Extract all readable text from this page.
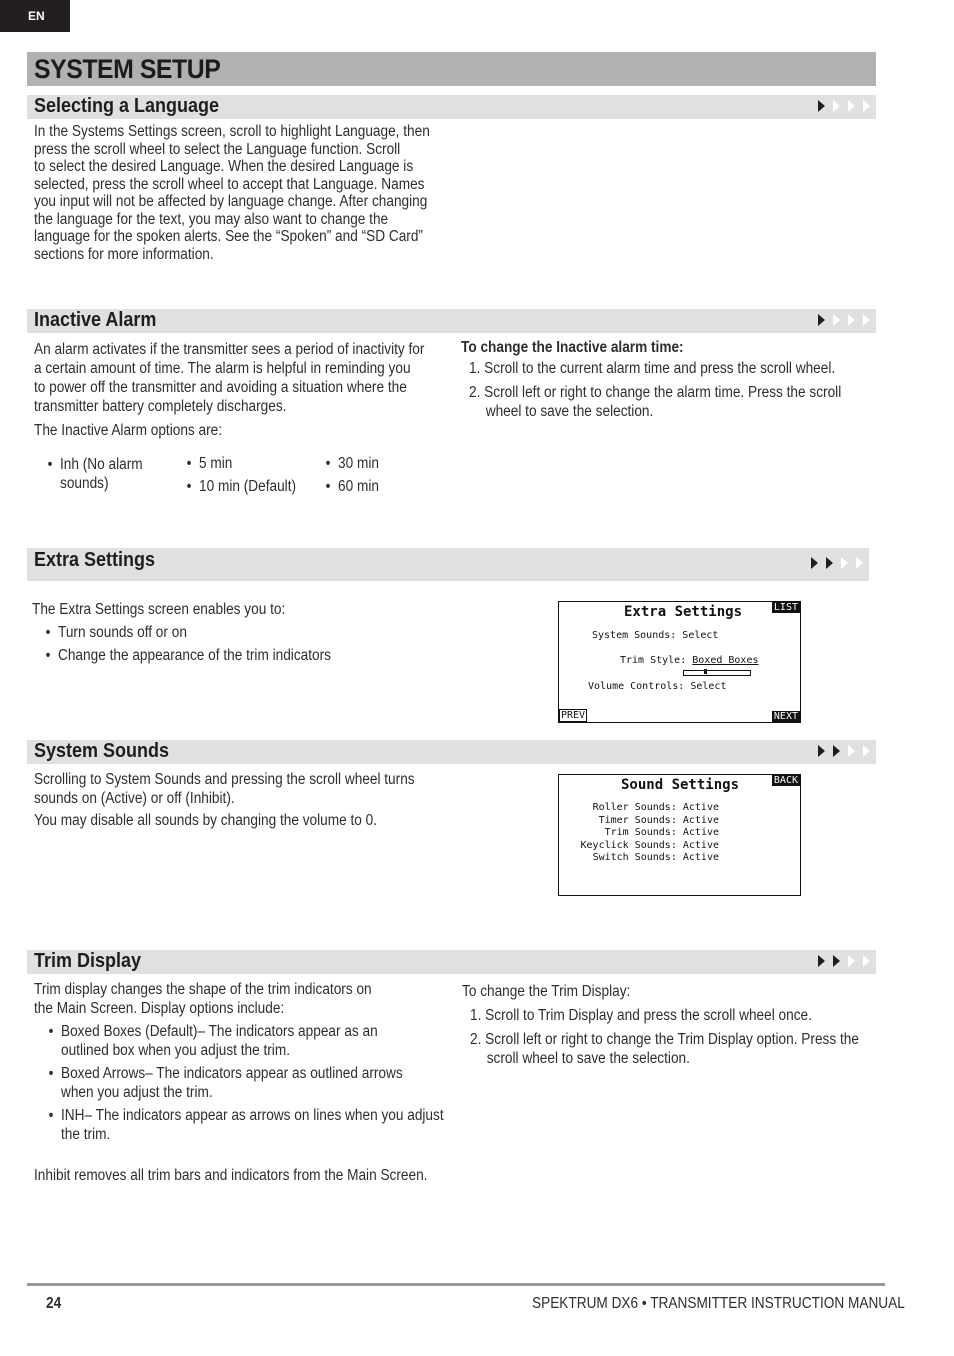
EN
SYSTEM SETUP
Selecting a Language
In the Systems Settings screen, scroll to highlight Language, then
press the scroll wheel to select the Language function. Scroll
to select the desired Language. When the desired Language is
selected, press the scroll wheel to accept that Language. Names
you input will not be affected by language change. After changing
the language for the text, you may also want to change the
language for the spoken alerts. See the “Spoken” and “SD Card”
sections for more information.
Inactive Alarm
An alarm activates if the transmitter sees a period of inactivity for
a certain amount of time. The alarm is helpful in reminding you
to power off the transmitter and avoiding a situation where the
transmitter battery completely discharges.
The Inactive Alarm options are:
• Inh (No alarm
sounds)
• 5 min
• 10 min (Default)
• 30 min
• 60 min
To change the Inactive alarm time:
1. Scroll to the current alarm time and press the scroll wheel.
2. Scroll left or right to change the alarm time. Press the scroll
wheel to save the selection.
Extra Settings
The Extra Settings screen enables you to:
• Turn sounds off or on
• Change the appearance of the trim indicators
Extra Settings	LIST
System Sounds: Select
Trim Style: Boxed Boxes
Volume Controls: Select
PREV	NEXT
System Sounds
Scrolling to System Sounds and pressing the scroll wheel turns
sounds on (Active) or off (Inhibit).
You may disable all sounds by changing the volume to 0.
Sound Settings	BACK
Roller Sounds: Active
Timer Sounds: Active
Trim Sounds: Active
Keyclick Sounds: Active
Switch Sounds: Active
Trim Display
Trim display changes the shape of the trim indicators on
the Main Screen. Display options include:
• Boxed Boxes (Default)– The indicators appear as an
outlined box when you adjust the trim.
• Boxed Arrows– The indicators appear as outlined arrows
when you adjust the trim.
• INH– The indicators appear as arrows on lines when you adjust
the trim.
Inhibit removes all trim bars and indicators from the Main Screen.
To change the Trim Display:
1. Scroll to Trim Display and press the scroll wheel once.
2. Scroll left or right to change the Trim Display option. Press the
scroll wheel to save the selection.
24	SPEKTRUM DX6 • TRANSMITTER INSTRUCTION MANUAL
